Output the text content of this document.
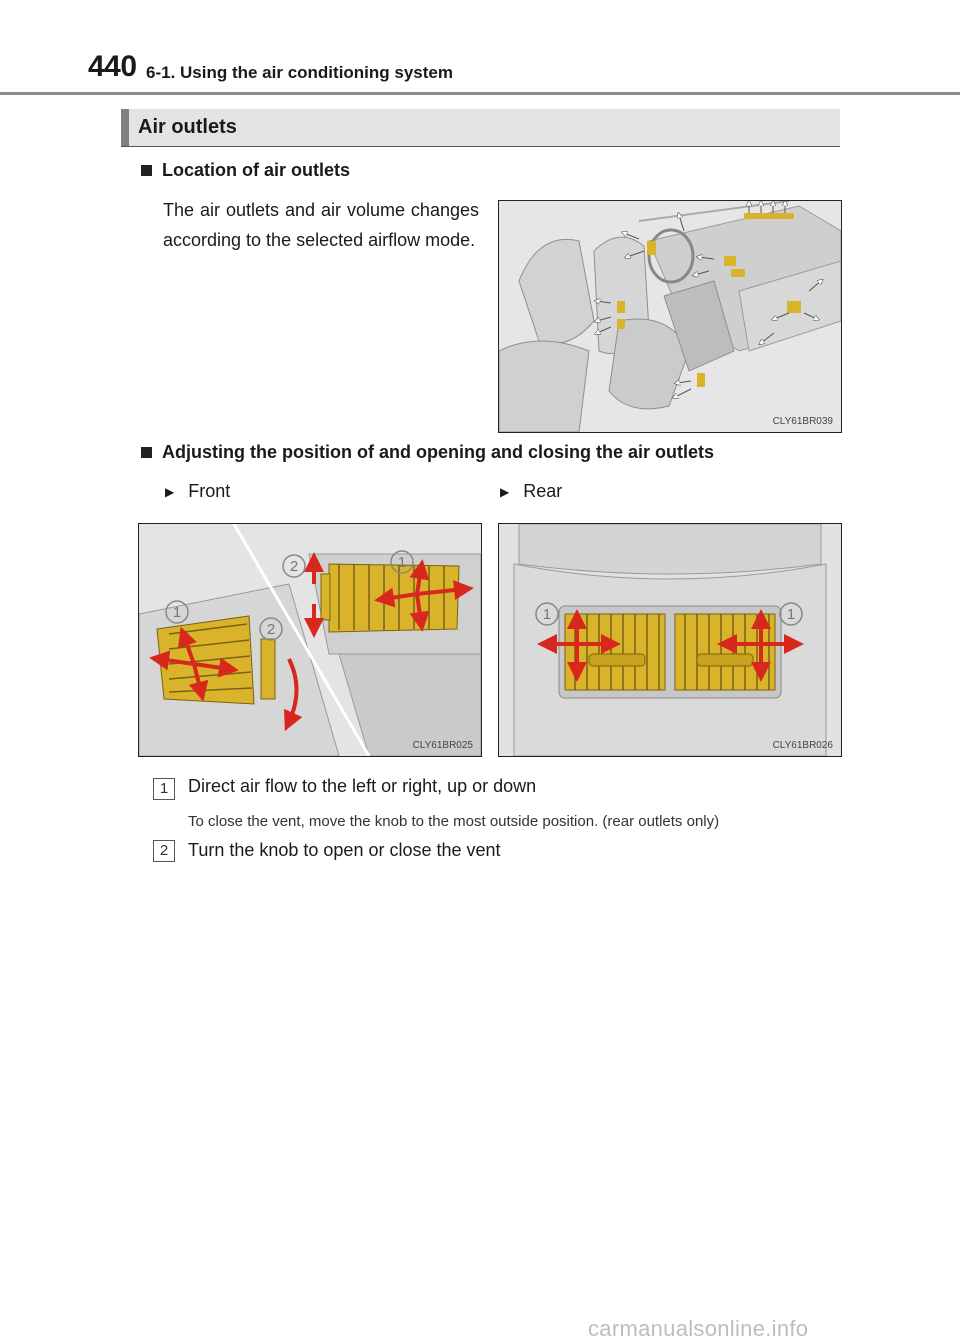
440 6-1. Using the air conditioning system
Air outlets
Location of air outlets
The air outlets and air volume changes according to the selected airflow mode.
CLY61BR039
Adjusting the position of and opening and closing the air outlets
▶ Front	▶ Rear
1
2
2	1
CLY61BR025
1	1
CLY61BR026
1	Direct air flow to the left or right, up or down
To close the vent, move the knob to the most outside position. (rear outlets only)
2	Turn the knob to open or close the vent
carmanualsonline.info
